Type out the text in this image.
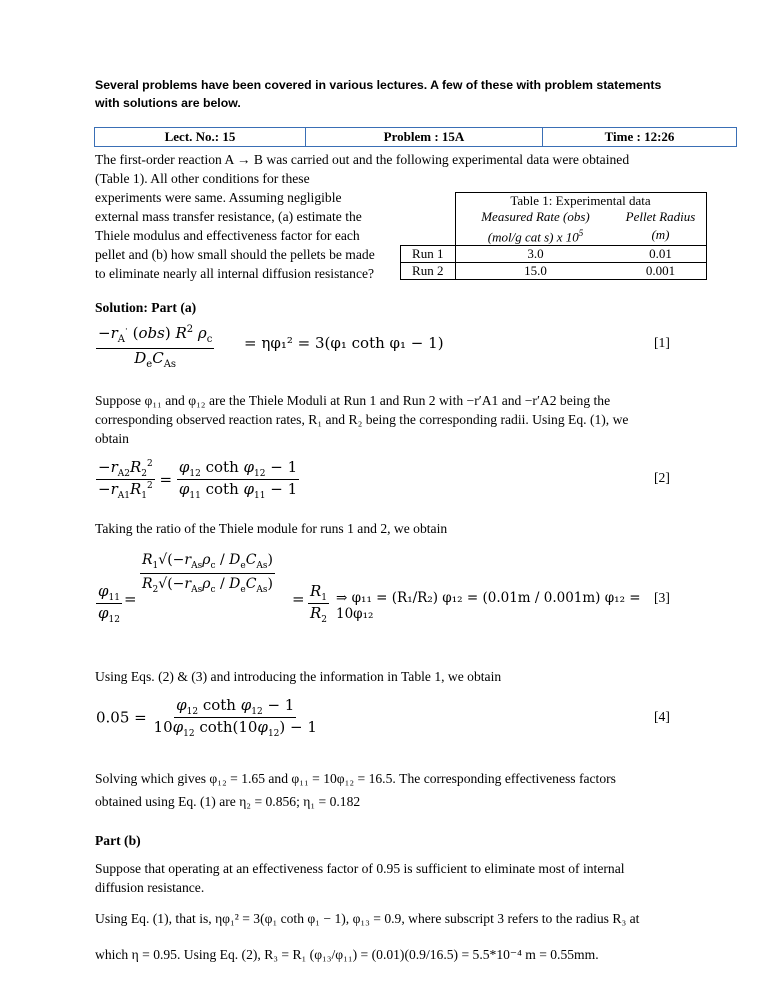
Several problems have been covered in various lectures. A few of these with problem statements with solutions are below.
Lect. No.: 15	Problem : 15A	Time : 12:26
The first-order reaction A → B was carried out and the following experimental data were obtained
(Table 1). All other conditions for these
experiments were same. Assuming negligible
external mass transfer resistance, (a) estimate the
Thiele modulus and effectiveness factor for each
pellet and (b) how small should the pellets be made
to eliminate nearly all internal diffusion resistance?
	Table 1: Experimental data	
	Measured Rate (obs)	Pellet Radius
	(mol/g cat s) x $10^5$	(m)
Run 1	3.0	0.01
Run 2	15.0	0.001
Solution: Part (a)
$-r_A^\cdot$ (obs) $R^2$ $\rho_c$
$D_eC_{As}$
= ηφ₁² = 3(φ₁ coth φ₁ − 1)	[1]
Suppose φ₁₁ and φ₁₂ are the Thiele Moduli at Run 1 and Run 2 with −r′A1 and −r′A2 being the
corresponding observed reaction rates, R₁ and R₂ being the corresponding radii. Using Eq. (1), we
obtain
$\frac{-r_{A2}R_2^2}{-r_{A1}R_1^2} = \frac{\varphi_{12} \cot h \varphi_{12} - 1}{\varphi_{11} \cot h \varphi_{11} - 1}$	[2]
Taking the ratio of the Thiele module for runs 1 and 2, we obtain
$\frac{\varphi_{11}}{\varphi_{12}}$ =
$R_1√(-r_{As}\rho_c / D_eC_{As})$
$R_2√(-r_{As}\rho_c / D_eC_{As})$
= $\frac{R_1}{R_2}$ ⇒ φ₁₁ = (R₁/R₂) φ₁₂ = (0.01m / 0.001m) φ₁₂ = 10φ₁₂
[3]
Using Eqs. (2) & (3) and introducing the information in Table 1, we obtain
$0.05 = \frac{\varphi_{12} \cot h \varphi_{12} - 1}{10\varphi_{12} \cot h(10\varphi_{12}) - 1}$	[4]
Solving which gives φ₁₂ = 1.65 and φ₁₁ = 10φ₁₂ = 16.5. The corresponding effectiveness factors
obtained using Eq. (1) are η₂ = 0.856; η₁ = 0.182
Part (b)
Suppose that operating at an effectiveness factor of 0.95 is sufficient to eliminate most of internal
diffusion resistance.
Using Eq. (1), that is, ηφ₁² = 3(φ₁ coth φ₁ − 1), φ₁₃ = 0.9, where subscript 3 refers to the radius R₃ at
which η = 0.95. Using Eq. (2), R₃ = R₁ (φ₁₃/φ₁₁) = (0.01)(0.9/16.5) = 5.5*10⁻⁴ m = 0.55mm.
